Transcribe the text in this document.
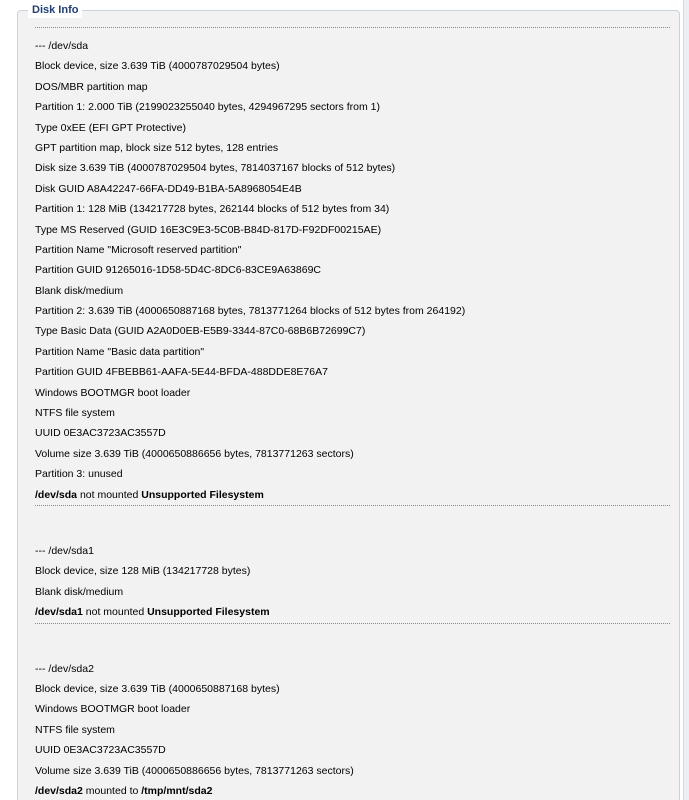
Disk Info
--- /dev/sda
Block device, size 3.639 TiB (4000787029504 bytes)
DOS/MBR partition map
Partition 1: 2.000 TiB (2199023255040 bytes, 4294967295 sectors from 1)
Type 0xEE (EFI GPT Protective)
GPT partition map, block size 512 bytes, 128 entries
Disk size 3.639 TiB (4000787029504 bytes, 7814037167 blocks of 512 bytes)
Disk GUID A8A42247-66FA-DD49-B1BA-5A8968054E4B
Partition 1: 128 MiB (134217728 bytes, 262144 blocks of 512 bytes from 34)
Type MS Reserved (GUID 16E3C9E3-5C0B-B84D-817D-F92DF00215AE)
Partition Name "Microsoft reserved partition"
Partition GUID 91265016-1D58-5D4C-8DC6-83CE9A63869C
Blank disk/medium
Partition 2: 3.639 TiB (4000650887168 bytes, 7813771264 blocks of 512 bytes from 264192)
Type Basic Data (GUID A2A0D0EB-E5B9-3344-87C0-68B6B72699C7)
Partition Name "Basic data partition"
Partition GUID 4FBEBB61-AAFA-5E44-BFDA-488DDE8E76A7
Windows BOOTMGR boot loader
NTFS file system
UUID 0E3AC3723AC3557D
Volume size 3.639 TiB (4000650886656 bytes, 7813771263 sectors)
Partition 3: unused
/dev/sda not mounted Unsupported Filesystem
--- /dev/sda1
Block device, size 128 MiB (134217728 bytes)
Blank disk/medium
/dev/sda1 not mounted Unsupported Filesystem
--- /dev/sda2
Block device, size 3.639 TiB (4000650887168 bytes)
Windows BOOTMGR boot loader
NTFS file system
UUID 0E3AC3723AC3557D
Volume size 3.639 TiB (4000650886656 bytes, 7813771263 sectors)
/dev/sda2 mounted to /tmp/mnt/sda2
